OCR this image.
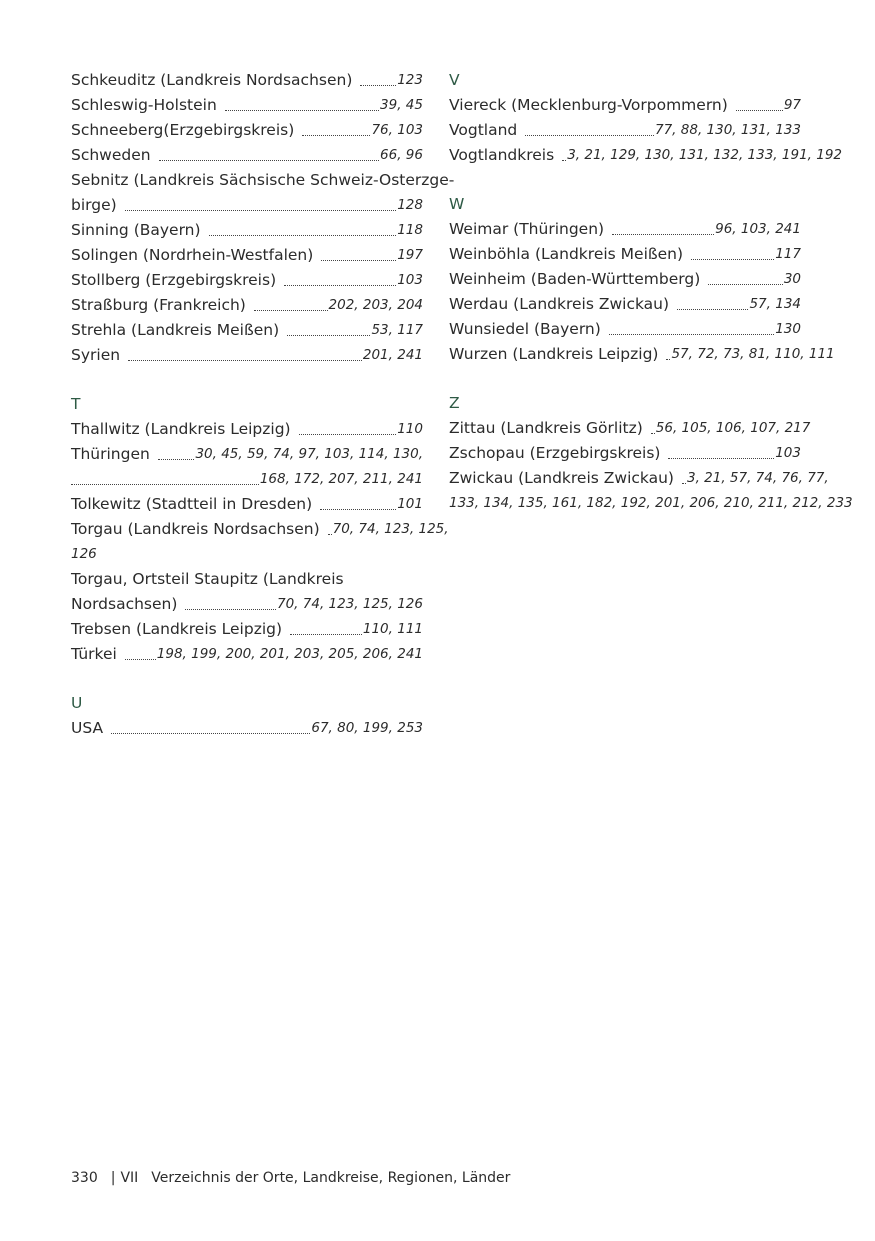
Schkeuditz (Landkreis Nordsachsen)	123
Schleswig-Holstein	39, 45
Schneeberg(Erzgebirgskreis)	76, 103
Schweden	66, 96
Sebnitz (Landkreis Sächsische Schweiz-Osterzge-
birge)	128
Sinning (Bayern)	118
Solingen (Nordrhein-Westfalen)	197
Stollberg (Erzgebirgskreis)	103
Straßburg (Frankreich)	202, 203, 204
Strehla (Landkreis Meißen)	53, 117
Syrien	201, 241
T
Thallwitz (Landkreis Leipzig)	110
Thüringen	30, 45, 59, 74, 97, 103, 114, 130,
168, 172, 207, 211, 241
Tolkewitz (Stadtteil in Dresden)	101
Torgau (Landkreis Nordsachsen) 70, 74, 123, 125,
126
Torgau, Ortsteil Staupitz (Landkreis
Nordsachsen)	70, 74, 123, 125, 126
Trebsen (Landkreis Leipzig)	110, 111
Türkei	198, 199, 200, 201, 203, 205, 206, 241
U
USA	67, 80, 199, 253
V
Viereck (Mecklenburg-Vorpommern)	97
Vogtland	77, 88, 130, 131, 133
Vogtlandkreis 3, 21, 129, 130, 131, 132, 133, 191, 192
W
Weimar (Thüringen)	96, 103, 241
Weinböhla (Landkreis Meißen)	117
Weinheim (Baden-Württemberg)	30
Werdau (Landkreis Zwickau)	57, 134
Wunsiedel (Bayern)	130
Wurzen (Landkreis Leipzig) 57, 72, 73, 81, 110, 111
Z
Zittau (Landkreis Görlitz) 56, 105, 106, 107, 217
Zschopau (Erzgebirgskreis)	103
Zwickau (Landkreis Zwickau) 3, 21, 57, 74, 76, 77,
133, 134, 135, 161, 182, 192, 201, 206, 210, 211, 212, 233
330 | VII Verzeichnis der Orte, Landkreise, Regionen, Länder
